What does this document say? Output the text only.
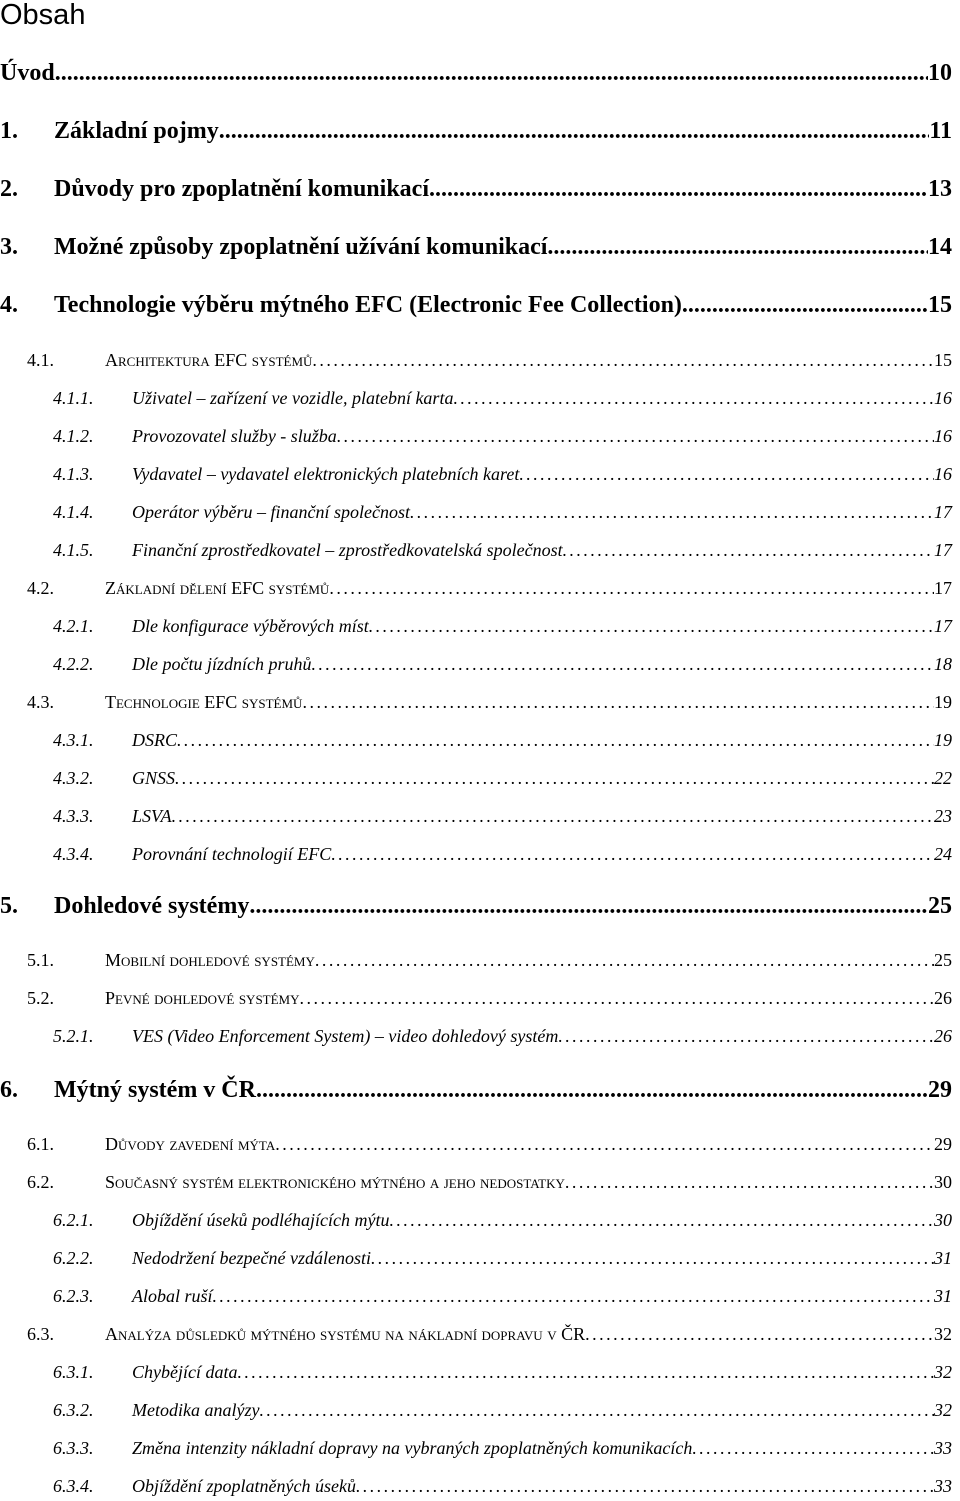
Obsah
Úvod . . .	10
1.	Základní pojmy . . .	11
2.	Důvody pro zpoplatnění komunikací . . .	13
3.	Možné způsoby zpoplatnění užívání komunikací . . .	14
4.	Technologie výběru mýtného EFC (Electronic Fee Collection) . . .	15
4.1.	Architektura EFC systémů . . .	15
4.1.1.	Uživatel – zařízení ve vozidle, platební karta . . .	16
4.1.2.	Provozovatel služby - služba . . .	16
4.1.3.	Vydavatel – vydavatel elektronických platebních karet . . .	16
4.1.4.	Operátor výběru – finanční společnost . . .	17
4.1.5.	Finanční zprostředkovatel – zprostředkovatelská společnost . . .	17
4.2.	Základní dělení EFC systémů . . .	17
4.2.1.	Dle konfigurace výběrových míst . . .	17
4.2.2.	Dle počtu jízdních pruhů . . .	18
4.3.	Technologie EFC systémů . . .	19
4.3.1.	DSRC . . .	19
4.3.2.	GNSS . . .	22
4.3.3.	LSVA . . .	23
4.3.4.	Porovnání technologií EFC . . .	24
5.	Dohledové systémy . . .	25
5.1.	Mobilní dohledové systémy . . .	25
5.2.	Pevné dohledové systémy . . .	26
5.2.1.	VES (Video Enforcement System) – video dohledový systém . . .	26
6.	Mýtný systém v ČR . . .	29
6.1.	Důvody zavedení mýta . . .	29
6.2.	Současný systém elektronického mýtného a jeho nedostatky . . .	30
6.2.1.	Objíždění úseků podléhajících mýtu . . .	30
6.2.2.	Nedodržení bezpečné vzdálenosti . . .	31
6.2.3.	Alobal ruší . . .	31
6.3.	Analýza důsledků mýtného systému na nákladní dopravu v ČR . . .	32
6.3.1.	Chybějící data . . .	32
6.3.2.	Metodika analýzy . . .	32
6.3.3.	Změna intenzity nákladní dopravy na vybraných zpoplatněných komunikacích . . .	33
6.3.4.	Objíždění zpoplatněných úseků . . .	33
